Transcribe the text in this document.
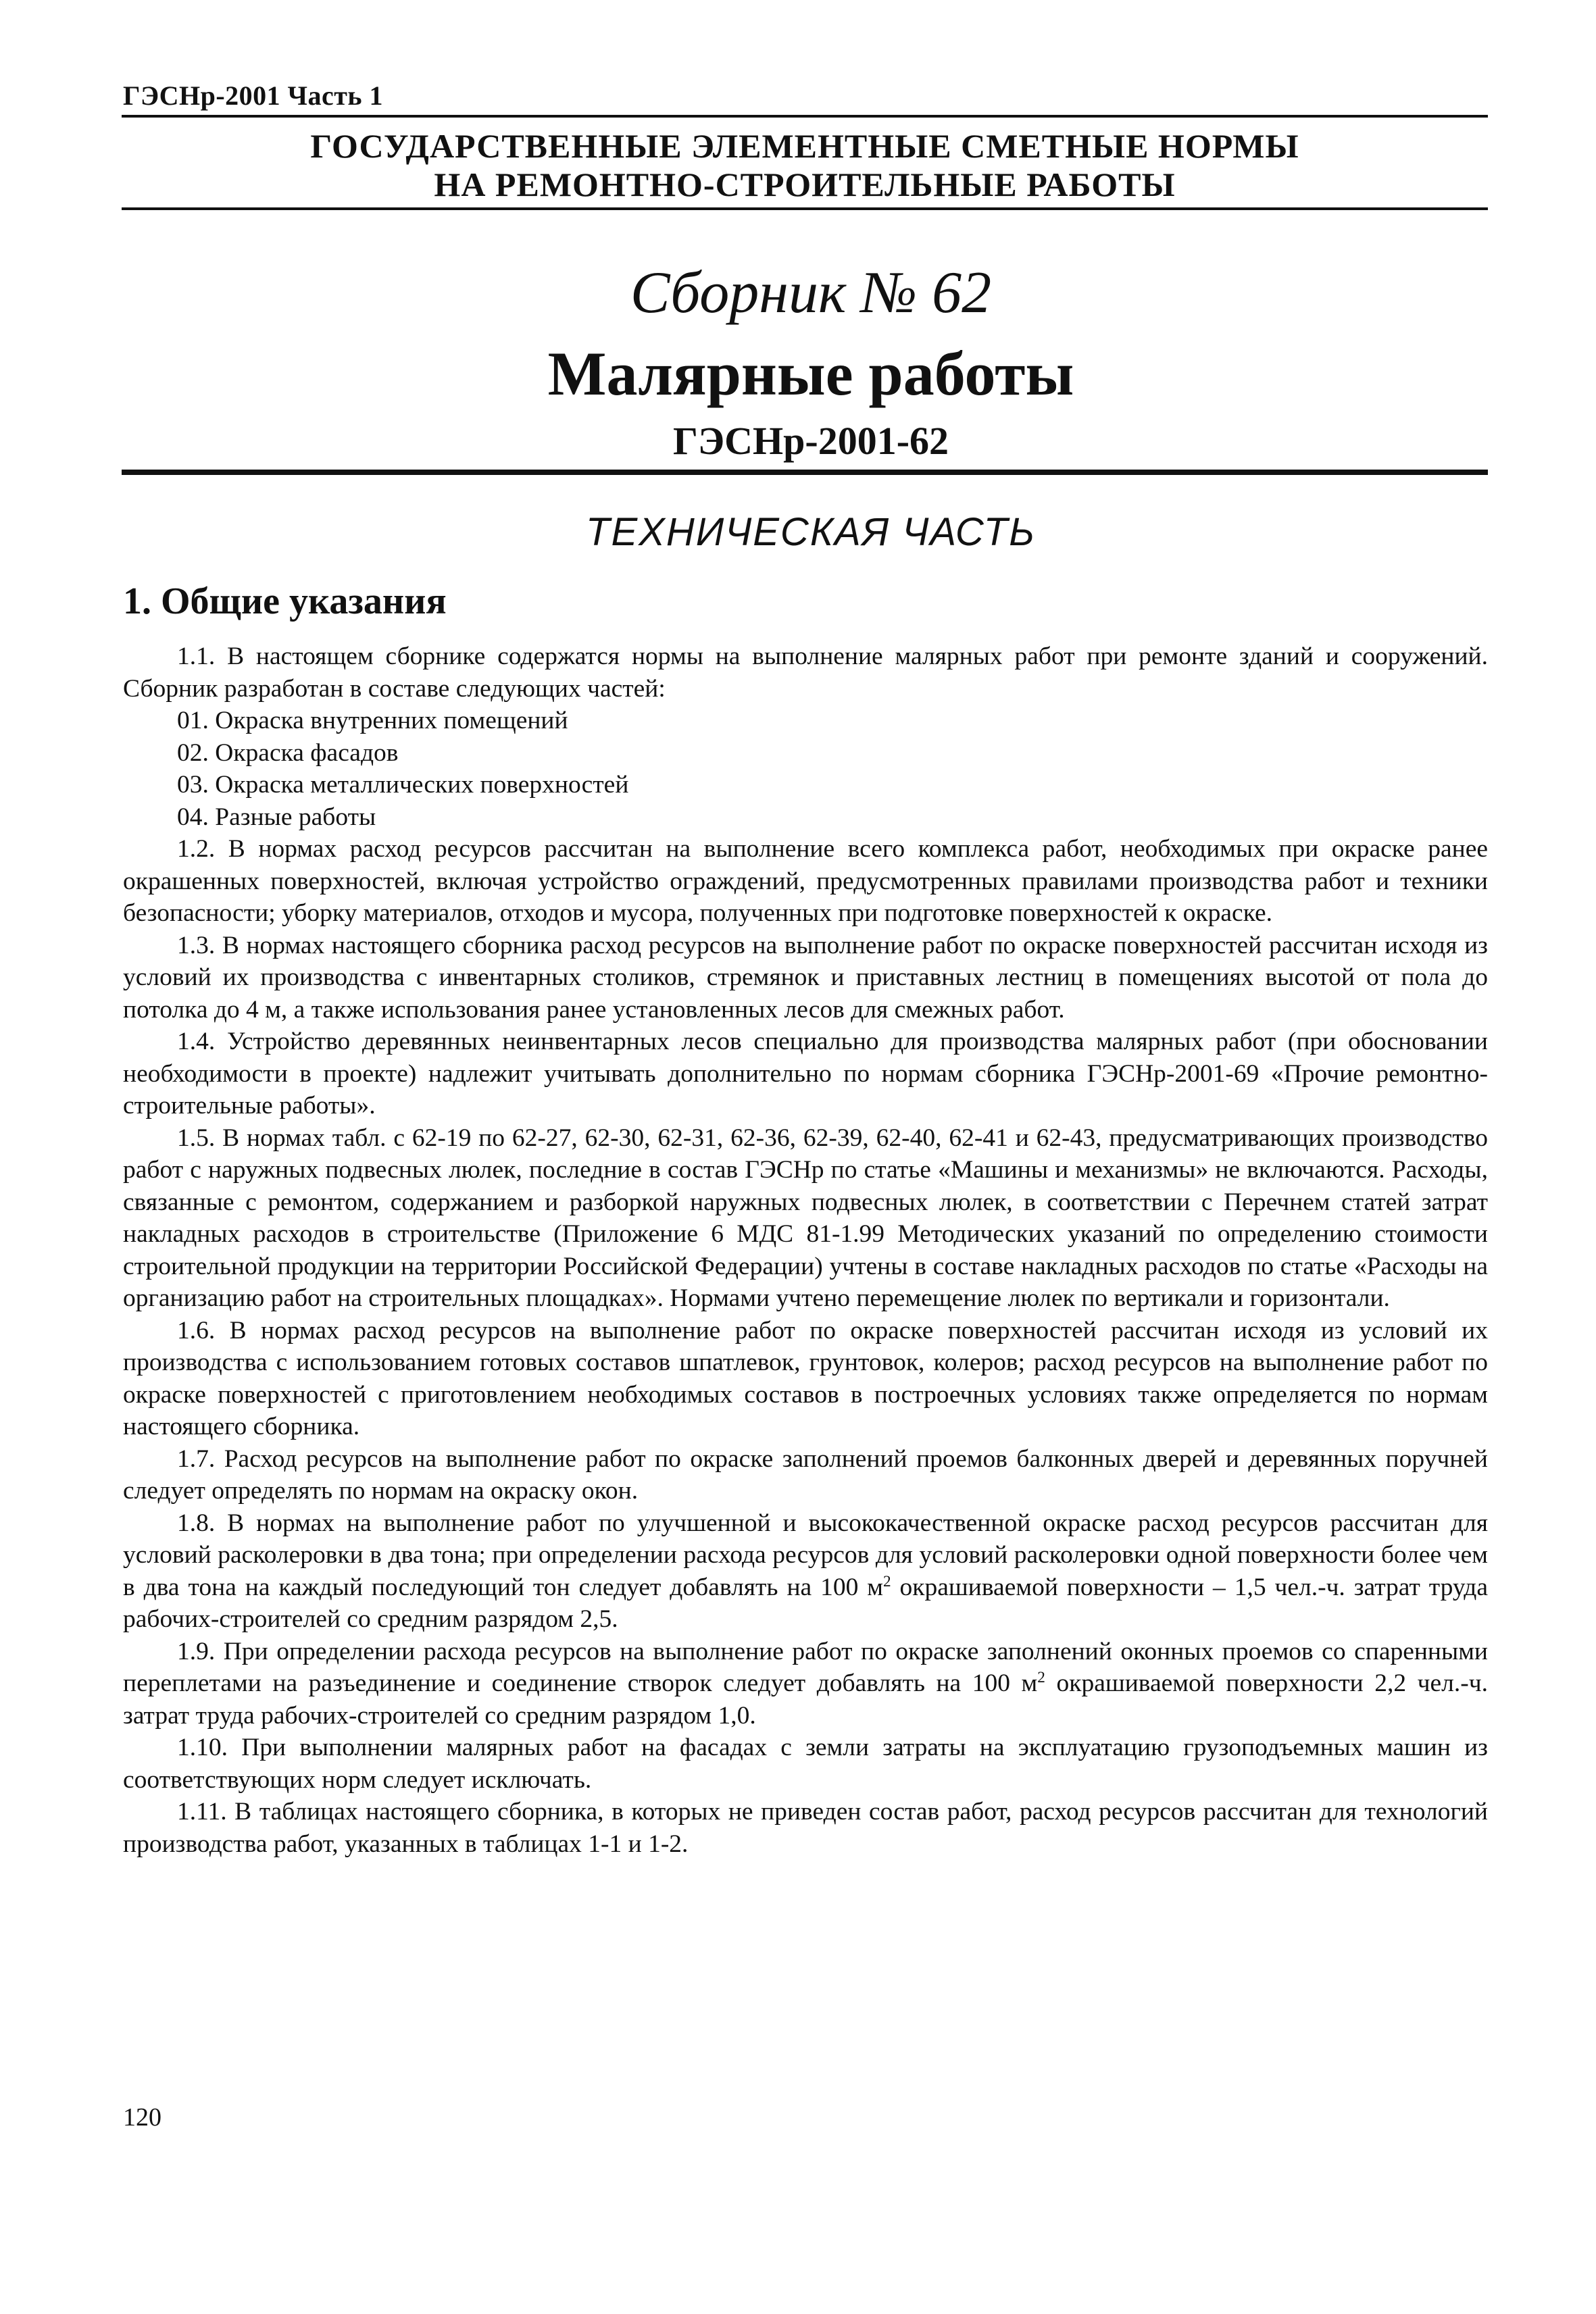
ГЭСНр-2001 Часть 1
ГОСУДАРСТВЕННЫЕ ЭЛЕМЕНТНЫЕ СМЕТНЫЕ НОРМЫ
НА РЕМОНТНО-СТРОИТЕЛЬНЫЕ РАБОТЫ
Сборник № 62
Малярные работы
ГЭСНр-2001-62
ТЕХНИЧЕСКАЯ ЧАСТЬ
1. Общие указания

1.1. В настоящем сборнике содержатся нормы на выполнение малярных работ при ремонте зданий и сооружений. Сборник разработан в составе следующих частей:

01. Окраска внутренних помещений

02. Окраска фасадов

03. Окраска металлических поверхностей

04. Разные работы

1.2. В нормах расход ресурсов рассчитан на выполнение всего комплекса работ, необходимых при окраске ранее окрашенных поверхностей, включая устройство ограждений, предусмотренных правилами производства работ и техники безопасности; уборку материалов, отходов и мусора, полученных при подготовке поверхностей к окраске.

1.3. В нормах настоящего сборника расход ресурсов на выполнение работ по окраске поверхностей рассчитан исходя из условий их производства с инвентарных столиков, стремянок и приставных лестниц в помещениях высотой от пола до потолка до 4 м, а также использования ранее установленных лесов для смежных работ.

1.4. Устройство деревянных неинвентарных лесов специально для производства малярных работ (при обосновании необходимости в проекте) надлежит учитывать дополнительно по нормам сборника ГЭСНр-2001-69 «Прочие ремонтно-строительные работы».

1.5. В нормах табл. с 62-19 по 62-27, 62-30, 62-31, 62-36, 62-39, 62-40, 62-41 и 62-43, предусматривающих производство работ с наружных подвесных люлек, последние в состав ГЭСНр по статье «Машины и механизмы» не включаются. Расходы, связанные с ремонтом, содержанием и разборкой наружных подвесных люлек, в соответствии с Перечнем статей затрат накладных расходов в строительстве (Приложение 6 МДС 81-1.99 Методических указаний по определению стоимости строительной продукции на территории Российской Федерации) учтены в составе накладных расходов по статье «Расходы на организацию работ на строительных площадках». Нормами учтено перемещение люлек по вертикали и горизонтали.

1.6. В нормах расход ресурсов на выполнение работ по окраске поверхностей рассчитан исходя из условий их производства с использованием готовых составов шпатлевок, грунтовок, колеров; расход ресурсов на выполнение работ по окраске поверхностей с приготовлением необходимых составов в построечных условиях также определяется по нормам настоящего сборника.

1.7. Расход ресурсов на выполнение работ по окраске заполнений проемов балконных дверей и деревянных поручней следует определять по нормам на окраску окон.

1.8. В нормах на выполнение работ по улучшенной и высококачественной окраске расход ресурсов рассчитан для условий расколеровки в два тона; при определении расхода ресурсов для условий расколеровки одной поверхности более чем в два тона на каждый последующий тон следует добавлять на 100 $м^2$ окрашиваемой поверхности – 1,5 чел.-ч. затрат труда рабочих-строителей со средним разрядом 2,5.

1.9. При определении расхода ресурсов на выполнение работ по окраске заполнений оконных проемов со спаренными переплетами на разъединение и соединение створок следует добавлять на 100 $м^2$ окрашиваемой поверхности 2,2 чел.-ч. затрат труда рабочих-строителей со средним разрядом 1,0.

1.10. При выполнении малярных работ на фасадах с земли затраты на эксплуатацию грузоподъемных машин из соответствующих норм следует исключать.

1.11. В таблицах настоящего сборника, в которых не приведен состав работ, расход ресурсов рассчитан для технологий производства работ, указанных в таблицах 1-1 и 1-2.

120
